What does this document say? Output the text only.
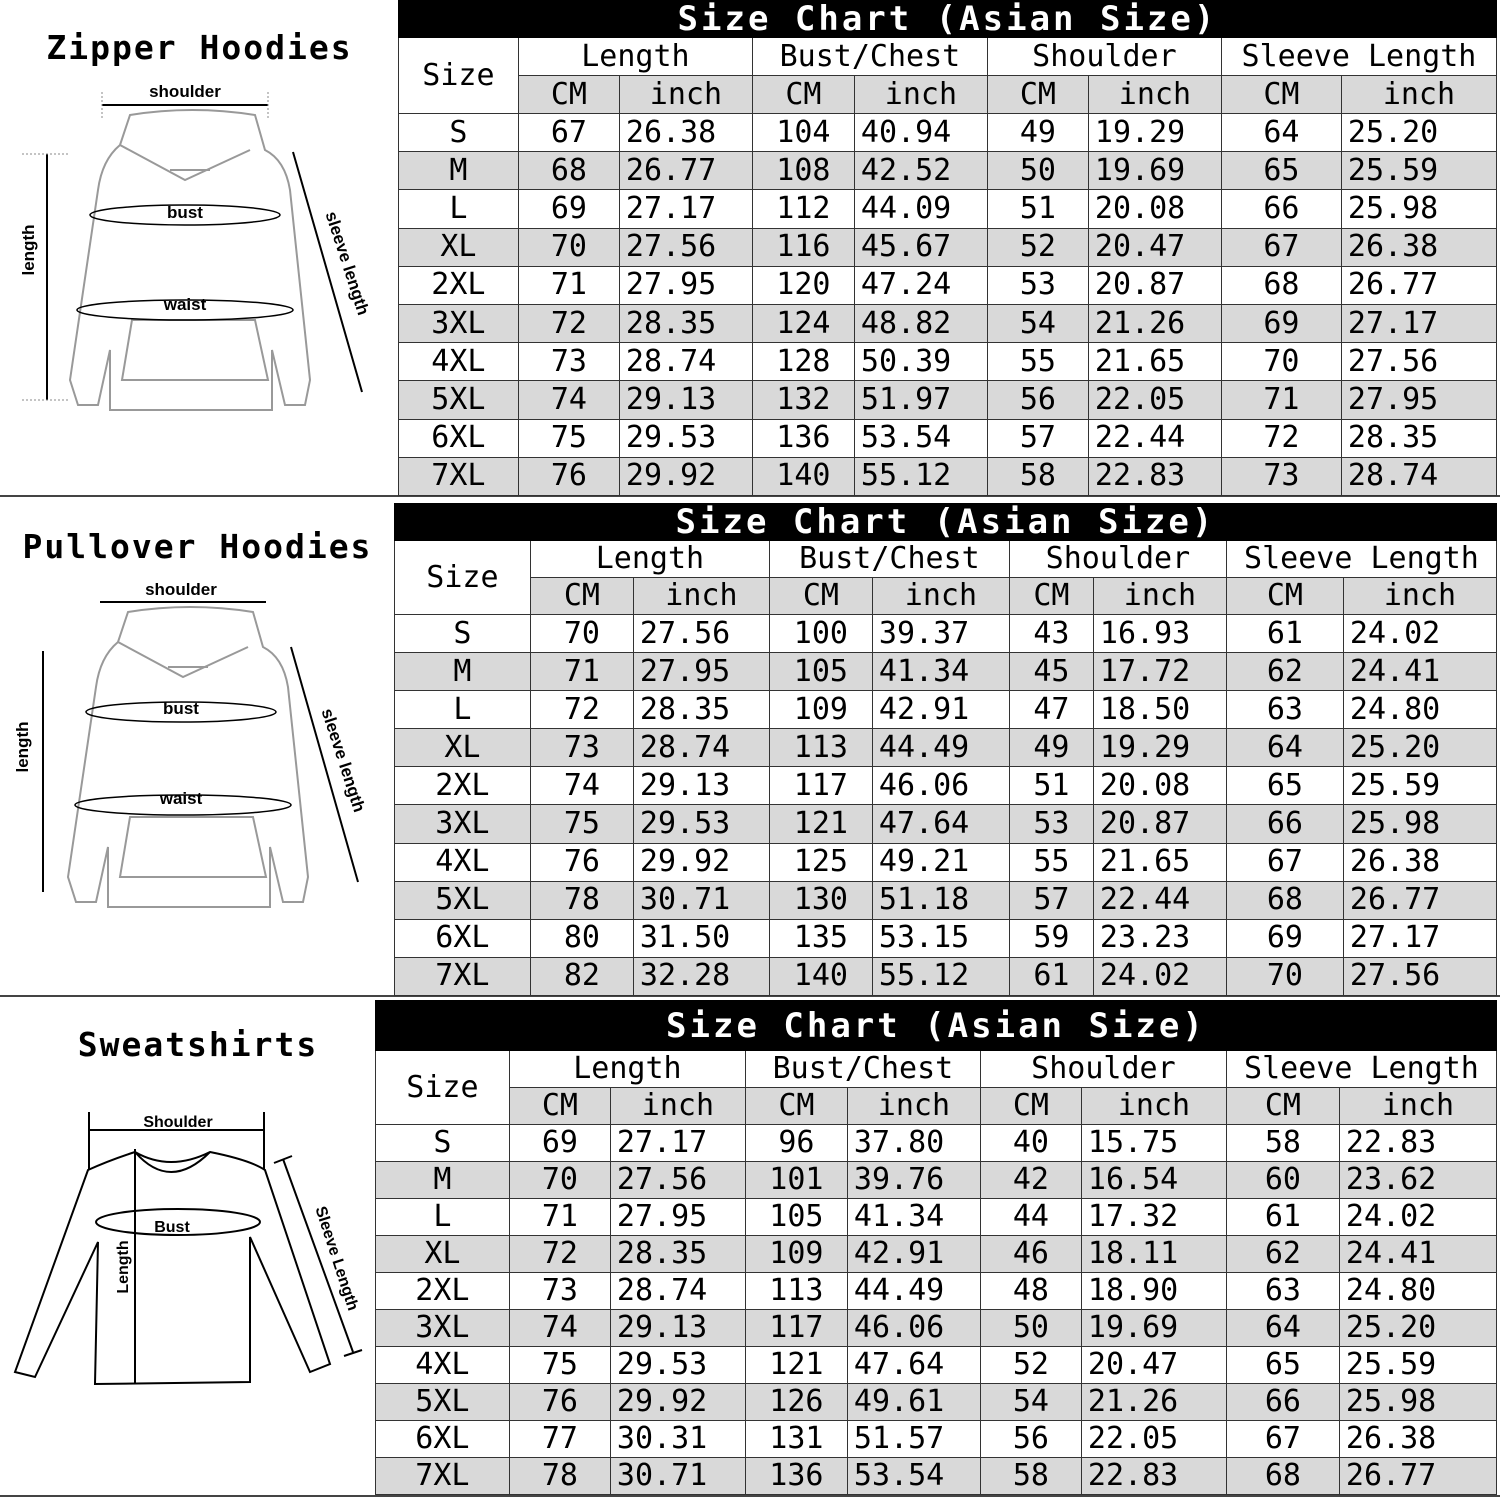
Zipper Hoodies
shoulder
bust
waist
length	sleeve length
Size Chart (Asian Size)								
Size	Length		Bust/Chest		Shoulder		Sleeve Length	
	CM	inch	CM	inch	CM	inch	CM	inch
S	67	26.38	104	40.94	49	19.29	64	25.20
M	68	26.77	108	42.52	50	19.69	65	25.59
L	69	27.17	112	44.09	51	20.08	66	25.98
XL	70	27.56	116	45.67	52	20.47	67	26.38
2XL	71	27.95	120	47.24	53	20.87	68	26.77
3XL	72	28.35	124	48.82	54	21.26	69	27.17
4XL	73	28.74	128	50.39	55	21.65	70	27.56
5XL	74	29.13	132	51.97	56	22.05	71	27.95
6XL	75	29.53	136	53.54	57	22.44	72	28.35
7XL	76	29.92	140	55.12	58	22.83	73	28.74
Pullover Hoodies
shoulder
bust
waist
length	sleeve length
Size Chart (Asian Size)								
Size	Length		Bust/Chest		Shoulder		Sleeve Length	
	CM	inch	CM	inch	CM	inch	CM	inch
S	70	27.56	100	39.37	43	16.93	61	24.02
M	71	27.95	105	41.34	45	17.72	62	24.41
L	72	28.35	109	42.91	47	18.50	63	24.80
XL	73	28.74	113	44.49	49	19.29	64	25.20
2XL	74	29.13	117	46.06	51	20.08	65	25.59
3XL	75	29.53	121	47.64	53	20.87	66	25.98
4XL	76	29.92	125	49.21	55	21.65	67	26.38
5XL	78	30.71	130	51.18	57	22.44	68	26.77
6XL	80	31.50	135	53.15	59	23.23	69	27.17
7XL	82	32.28	140	55.12	61	24.02	70	27.56
Sweatshirts
Shoulder
Bust
Length	Sleeve Length
Size Chart (Asian Size)								
Size	Length		Bust/Chest		Shoulder		Sleeve Length	
	CM	inch	CM	inch	CM	inch	CM	inch
S	69	27.17	96	37.80	40	15.75	58	22.83
M	70	27.56	101	39.76	42	16.54	60	23.62
L	71	27.95	105	41.34	44	17.32	61	24.02
XL	72	28.35	109	42.91	46	18.11	62	24.41
2XL	73	28.74	113	44.49	48	18.90	63	24.80
3XL	74	29.13	117	46.06	50	19.69	64	25.20
4XL	75	29.53	121	47.64	52	20.47	65	25.59
5XL	76	29.92	126	49.61	54	21.26	66	25.98
6XL	77	30.31	131	51.57	56	22.05	67	26.38
7XL	78	30.71	136	53.54	58	22.83	68	26.77
